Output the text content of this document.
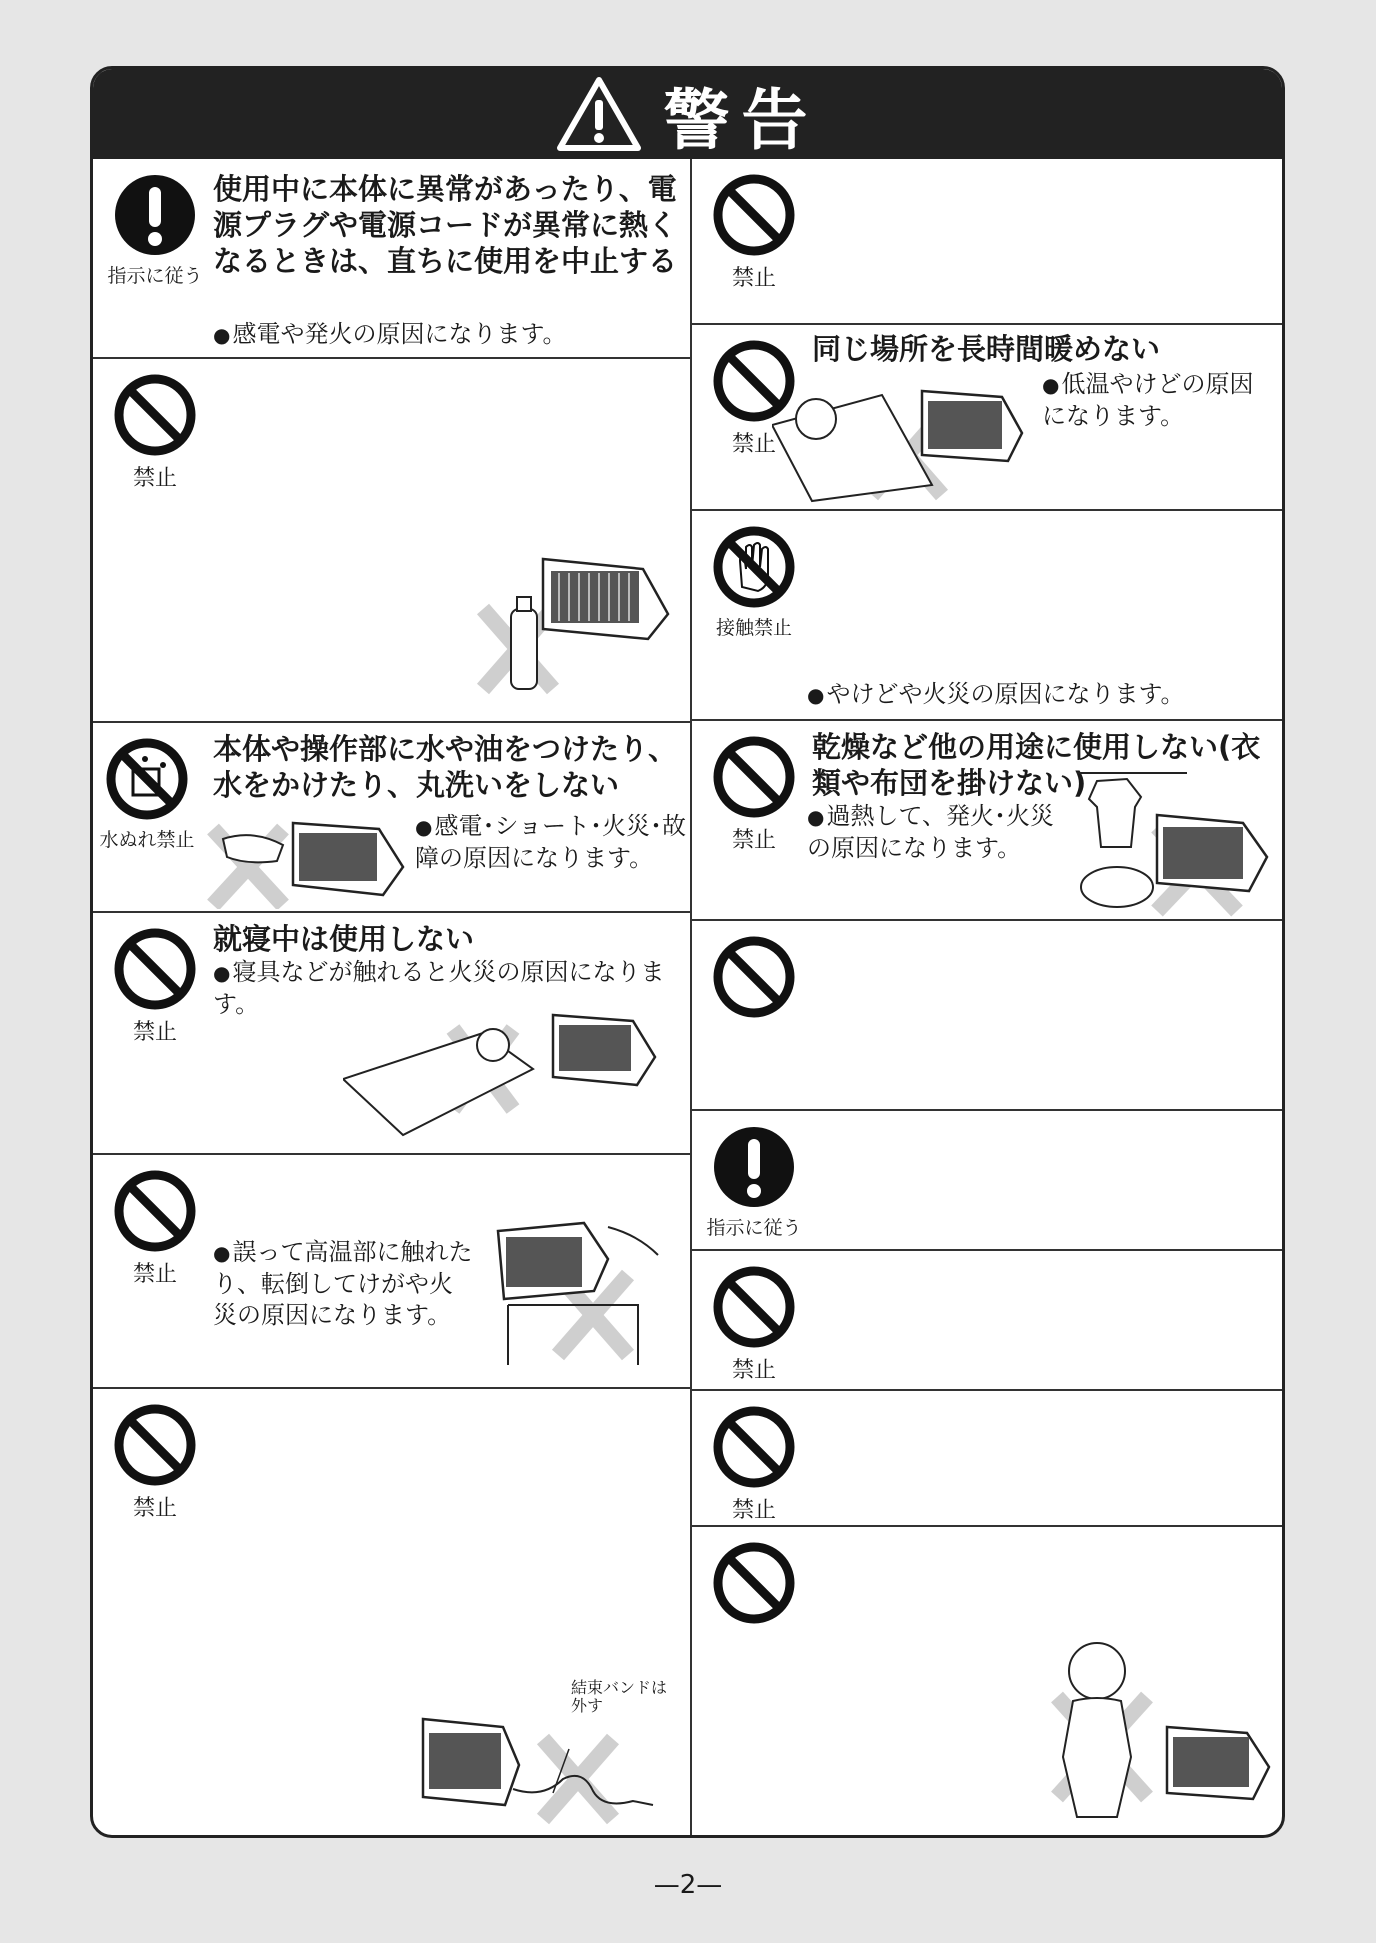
警告
指示に従う
使用中に本体に異常があったり、電源プラグや電源コードが異常に熱くなるときは、直ちに使用を中止する
●感電や発火の原因になります。
禁止
水ぬれ禁止
本体や操作部に水や油をつけたり、水をかけたり、丸洗いをしない
●感電･ショート･火災･故障の原因になります。
禁止
就寝中は使用しない
●寝具などが触れると火災の原因になります。
禁止
●誤って高温部に触れたり、転倒してけがや火災の原因になります。
禁止
結束バンドは外す
禁止
禁止
同じ場所を長時間暖めない
●低温やけどの原因になります。
接触禁止
●やけどや火災の原因になります。
禁止
乾燥など他の用途に使用しない(衣類や布団を掛けない)
●過熱して、発火･火災の原因になります。
指示に従う
禁止
禁止
—2—
